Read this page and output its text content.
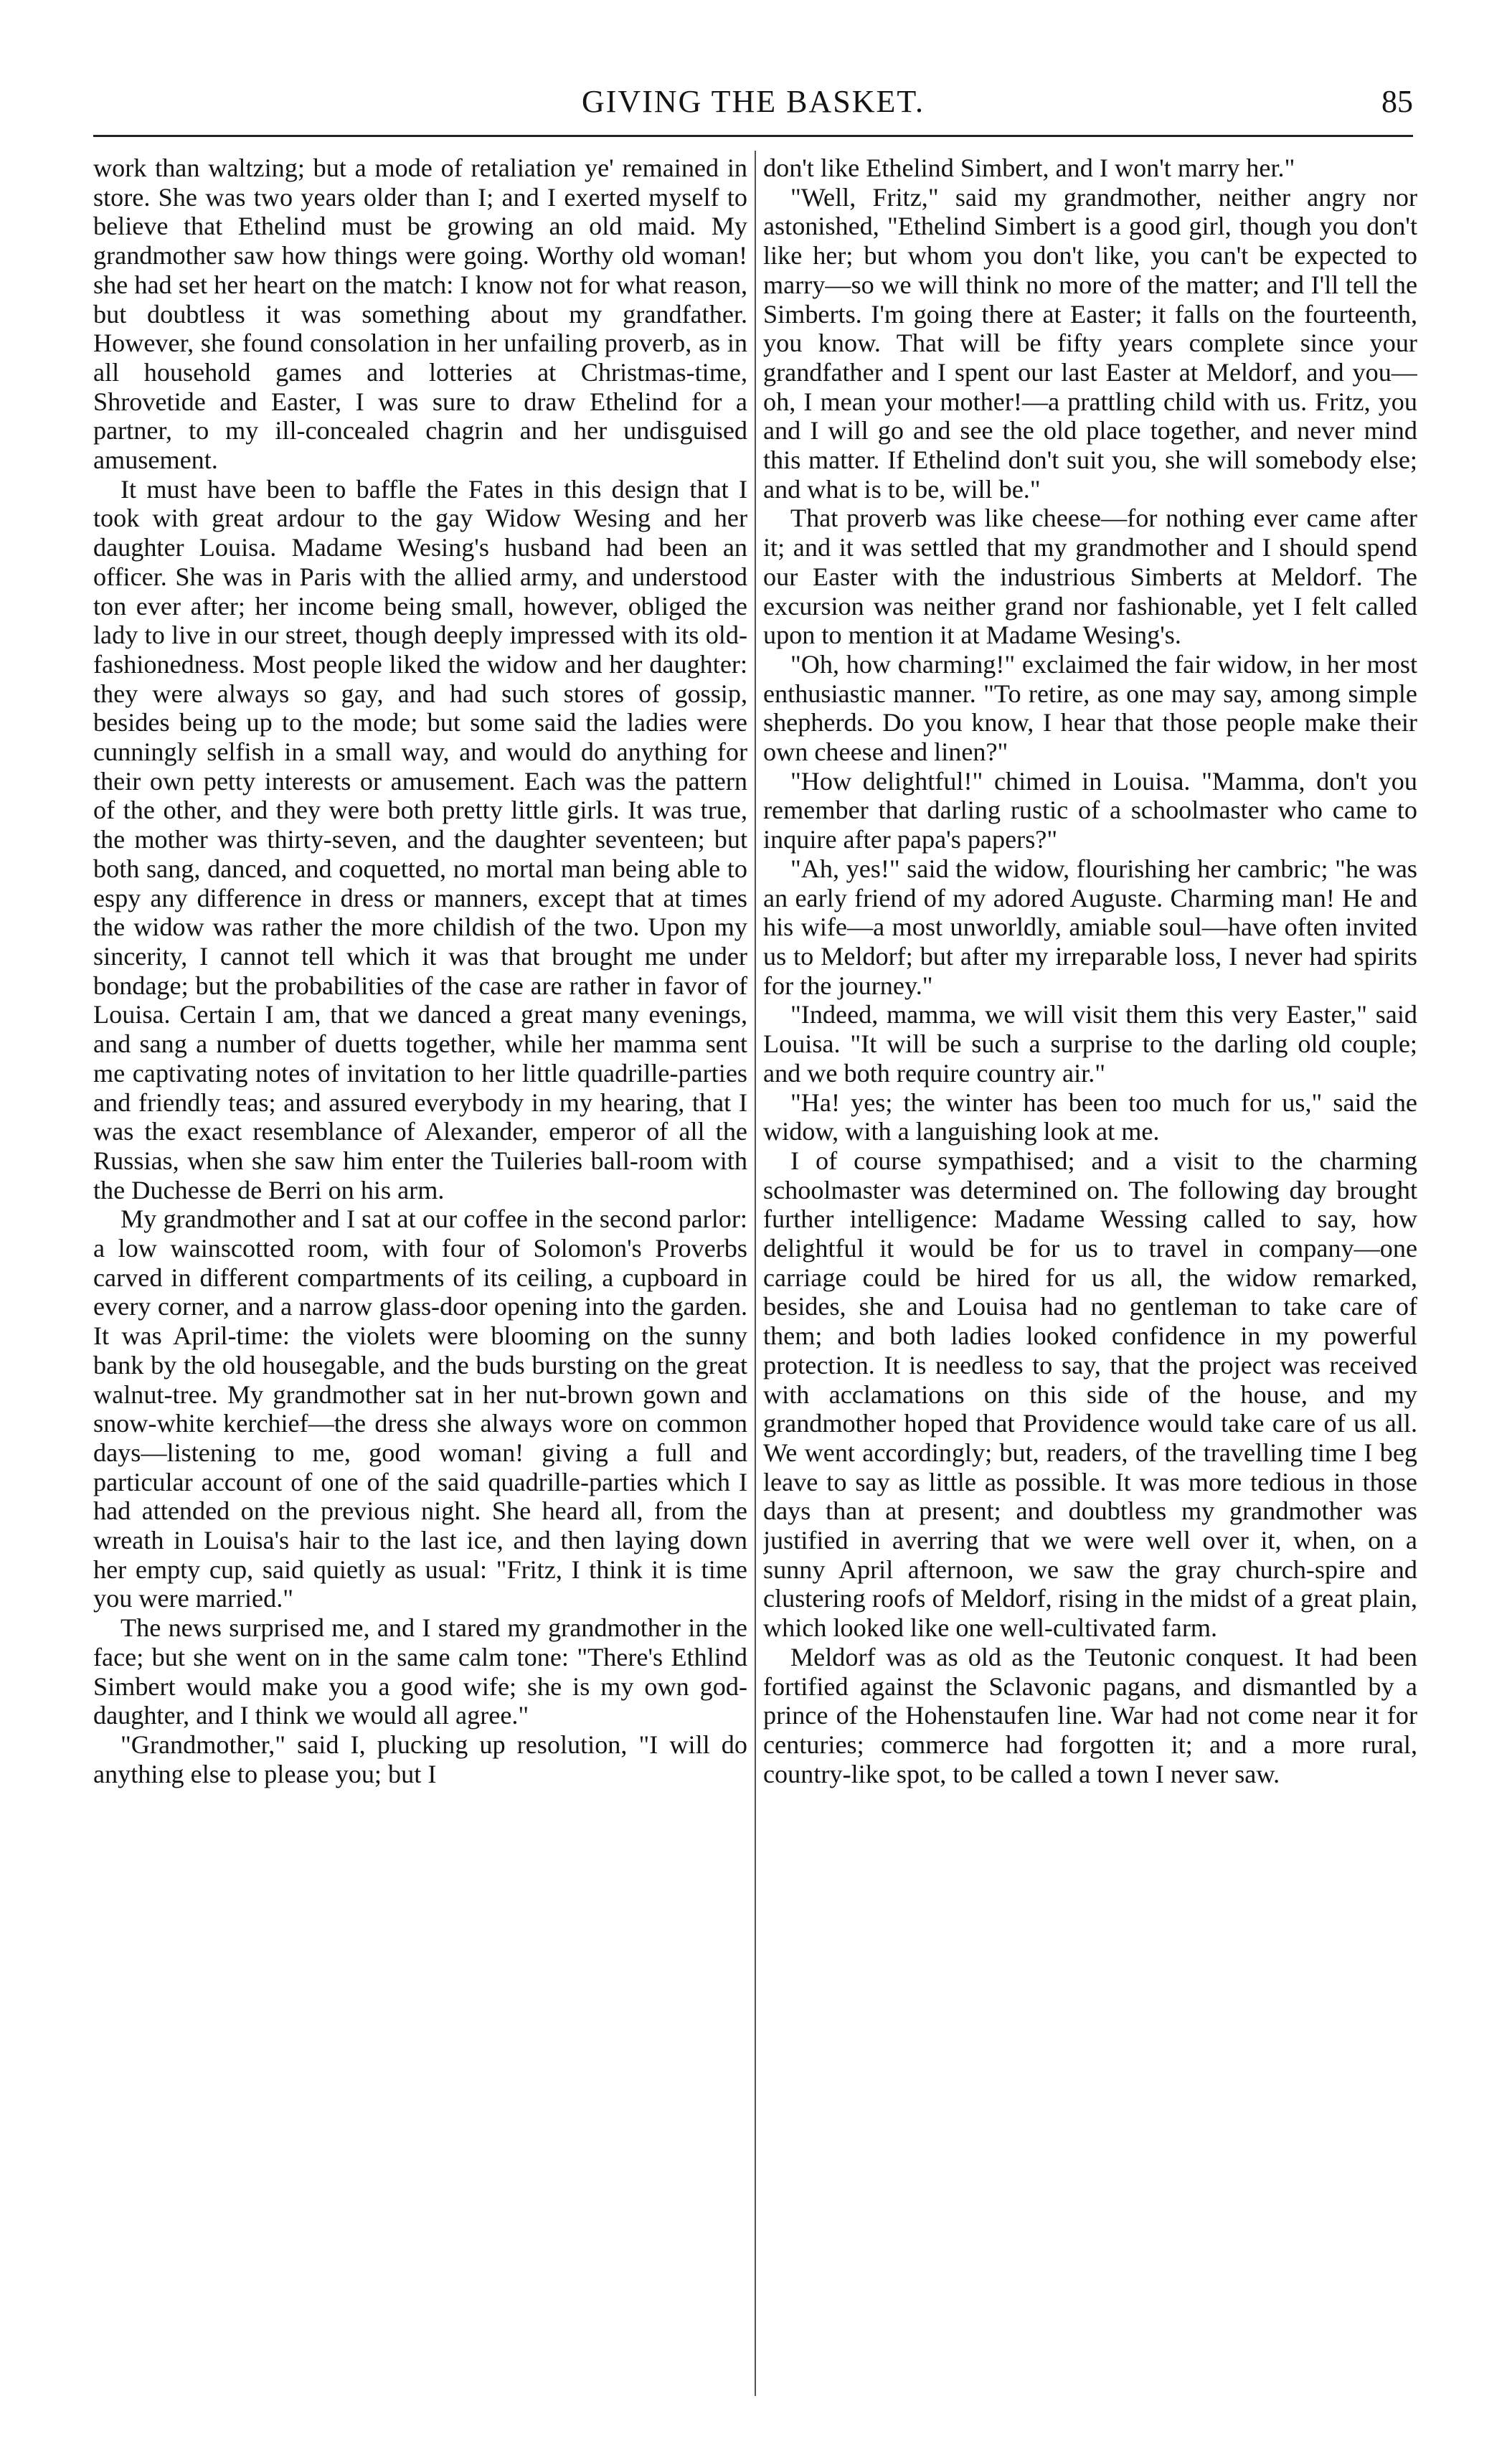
GIVING THE BASKET.	85

work than waltzing; but a mode of retaliation ye' remained in store. She was two years older than I; and I exerted myself to believe that Ethelind must be growing an old maid. My grandmother saw how things were going. Worthy old woman! she had set her heart on the match: I know not for what reason, but doubtless it was something about my grandfather. However, she found consolation in her unfailing proverb, as in all household games and lotteries at Christmas-time, Shrovetide and Easter, I was sure to draw Ethelind for a partner, to my ill-concealed chagrin and her undisguised amusement.

It must have been to baffle the Fates in this design that I took with great ardour to the gay Widow Wesing and her daughter Louisa. Madame Wesing's husband had been an officer. She was in Paris with the allied army, and understood ton ever after; her income being small, however, obliged the lady to live in our street, though deeply impressed with its old-fashionedness. Most people liked the widow and her daughter: they were always so gay, and had such stores of gossip, besides being up to the mode; but some said the ladies were cunningly selfish in a small way, and would do anything for their own petty interests or amusement. Each was the pattern of the other, and they were both pretty little girls. It was true, the mother was thirty-seven, and the daughter seventeen; but both sang, danced, and coquetted, no mortal man being able to espy any difference in dress or manners, except that at times the widow was rather the more childish of the two. Upon my sincerity, I cannot tell which it was that brought me under bondage; but the probabilities of the case are rather in favor of Louisa. Certain I am, that we danced a great many evenings, and sang a number of duetts together, while her mamma sent me captivating notes of invitation to her little quadrille-parties and friendly teas; and assured everybody in my hearing, that I was the exact resemblance of Alexander, emperor of all the Russias, when she saw him enter the Tuileries ball-room with the Duchesse de Berri on his arm.

My grandmother and I sat at our coffee in the second parlor: a low wainscotted room, with four of Solomon's Proverbs carved in different compartments of its ceiling, a cupboard in every corner, and a narrow glass-door opening into the garden. It was April-time: the violets were blooming on the sunny bank by the old housegable, and the buds bursting on the great walnut-tree. My grandmother sat in her nut-brown gown and snow-white kerchief—the dress she always wore on common days—listening to me, good woman! giving a full and particular account of one of the said quadrille-parties which I had attended on the previous night. She heard all, from the wreath in Louisa's hair to the last ice, and then laying down her empty cup, said quietly as usual: "Fritz, I think it is time you were married."

The news surprised me, and I stared my grandmother in the face; but she went on in the same calm tone: "There's Ethlind Simbert would make you a good wife; she is my own god-daughter, and I think we would all agree."

"Grandmother," said I, plucking up resolution, "I will do anything else to please you; but I

don't like Ethelind Simbert, and I won't marry her."

"Well, Fritz," said my grandmother, neither angry nor astonished, "Ethelind Simbert is a good girl, though you don't like her; but whom you don't like, you can't be expected to marry—so we will think no more of the matter; and I'll tell the Simberts. I'm going there at Easter; it falls on the fourteenth, you know. That will be fifty years complete since your grandfather and I spent our last Easter at Meldorf, and you—oh, I mean your mother!—a prattling child with us. Fritz, you and I will go and see the old place together, and never mind this matter. If Ethelind don't suit you, she will somebody else; and what is to be, will be."

That proverb was like cheese—for nothing ever came after it; and it was settled that my grandmother and I should spend our Easter with the industrious Simberts at Meldorf. The excursion was neither grand nor fashionable, yet I felt called upon to mention it at Madame Wesing's.

"Oh, how charming!" exclaimed the fair widow, in her most enthusiastic manner. "To retire, as one may say, among simple shepherds. Do you know, I hear that those people make their own cheese and linen?"

"How delightful!" chimed in Louisa. "Mamma, don't you remember that darling rustic of a schoolmaster who came to inquire after papa's papers?"

"Ah, yes!" said the widow, flourishing her cambric; "he was an early friend of my adored Auguste. Charming man! He and his wife—a most unworldly, amiable soul—have often invited us to Meldorf; but after my irreparable loss, I never had spirits for the journey."

"Indeed, mamma, we will visit them this very Easter," said Louisa. "It will be such a surprise to the darling old couple; and we both require country air."

"Ha! yes; the winter has been too much for us," said the widow, with a languishing look at me.

I of course sympathised; and a visit to the charming schoolmaster was determined on. The following day brought further intelligence: Madame Wessing called to say, how delightful it would be for us to travel in company—one carriage could be hired for us all, the widow remarked, besides, she and Louisa had no gentleman to take care of them; and both ladies looked confidence in my powerful protection. It is needless to say, that the project was received with acclamations on this side of the house, and my grandmother hoped that Providence would take care of us all. We went accordingly; but, readers, of the travelling time I beg leave to say as little as possible. It was more tedious in those days than at present; and doubtless my grandmother was justified in averring that we were well over it, when, on a sunny April afternoon, we saw the gray church-spire and clustering roofs of Meldorf, rising in the midst of a great plain, which looked like one well-cultivated farm.

Meldorf was as old as the Teutonic conquest. It had been fortified against the Sclavonic pagans, and dismantled by a prince of the Hohenstaufen line. War had not come near it for centuries; commerce had forgotten it; and a more rural, country-like spot, to be called a town I never saw.
